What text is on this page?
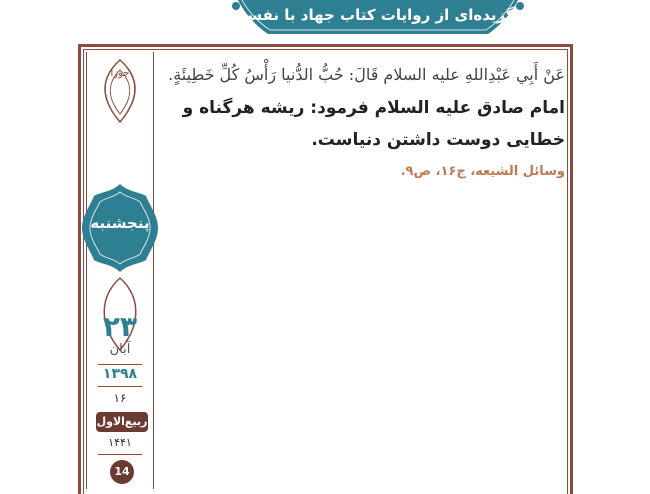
گزیده‌ای از روایات کتاب جهاد با نفس
جوزا
پنجشنبه
۲۳
آبان
۱۳۹۸
۱۶
ربیع‌الاول
۱۴۴۱
14
عَنْ أَبِي عَبْدِاللهِ عليه السلام قَالَ: حُبُّ الدُّنيا رَأْسُ كُلِّ خَطِيئَةٍ.
امام صادق علیه السلام فرمود: ریشه هرگناه و خطایی دوست داشتن دنیاست.
وسائل الشیعه، ج۱۶، ص۹.
